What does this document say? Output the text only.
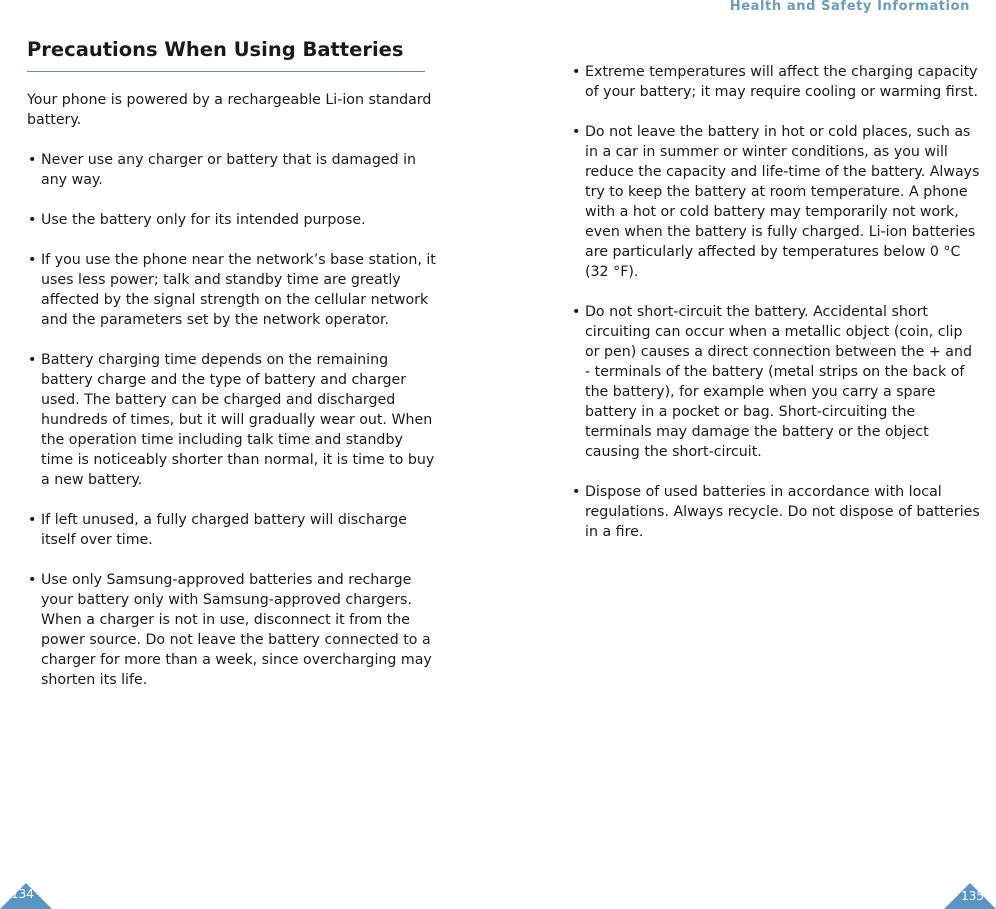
Health and Safety Information
Precautions When Using Batteries

Your phone is powered by a rechargeable Li-ion standard battery.

• Never use any charger or battery that is damaged in any way.
• Use the battery only for its intended purpose.
• If you use the phone near the network’s base station, it uses less power; talk and standby time are greatly affected by the signal strength on the cellular network and the parameters set by the network operator.
• Battery charging time depends on the remaining battery charge and the type of battery and charger used. The battery can be charged and discharged hundreds of times, but it will gradually wear out. When the operation time including talk time and standby time is noticeably shorter than normal, it is time to buy a new battery.
• If left unused, a fully charged battery will discharge itself over time.
• Use only Samsung-approved batteries and recharge your battery only with Samsung-approved chargers. When a charger is not in use, disconnect it from the power source. Do not leave the battery connected to a charger for more than a week, since overcharging may shorten its life.
• Extreme temperatures will affect the charging capacity of your battery; it may require cooling or warming first.
• Do not leave the battery in hot or cold places, such as in a car in summer or winter conditions, as you will reduce the capacity and life-time of the battery. Always try to keep the battery at room temperature. A phone with a hot or cold battery may temporarily not work, even when the battery is fully charged. Li-ion batteries are particularly affected by temperatures below 0 °C (32 °F).
• Do not short-circuit the battery. Accidental short circuiting can occur when a metallic object (coin, clip or pen) causes a direct connection between the + and - terminals of the battery (metal strips on the back of the battery), for example when you carry a spare battery in a pocket or bag. Short-circuiting the terminals may damage the battery or the object causing the short-circuit.
• Dispose of used batteries in accordance with local regulations. Always recycle. Do not dispose of batteries in a fire.
134	135
